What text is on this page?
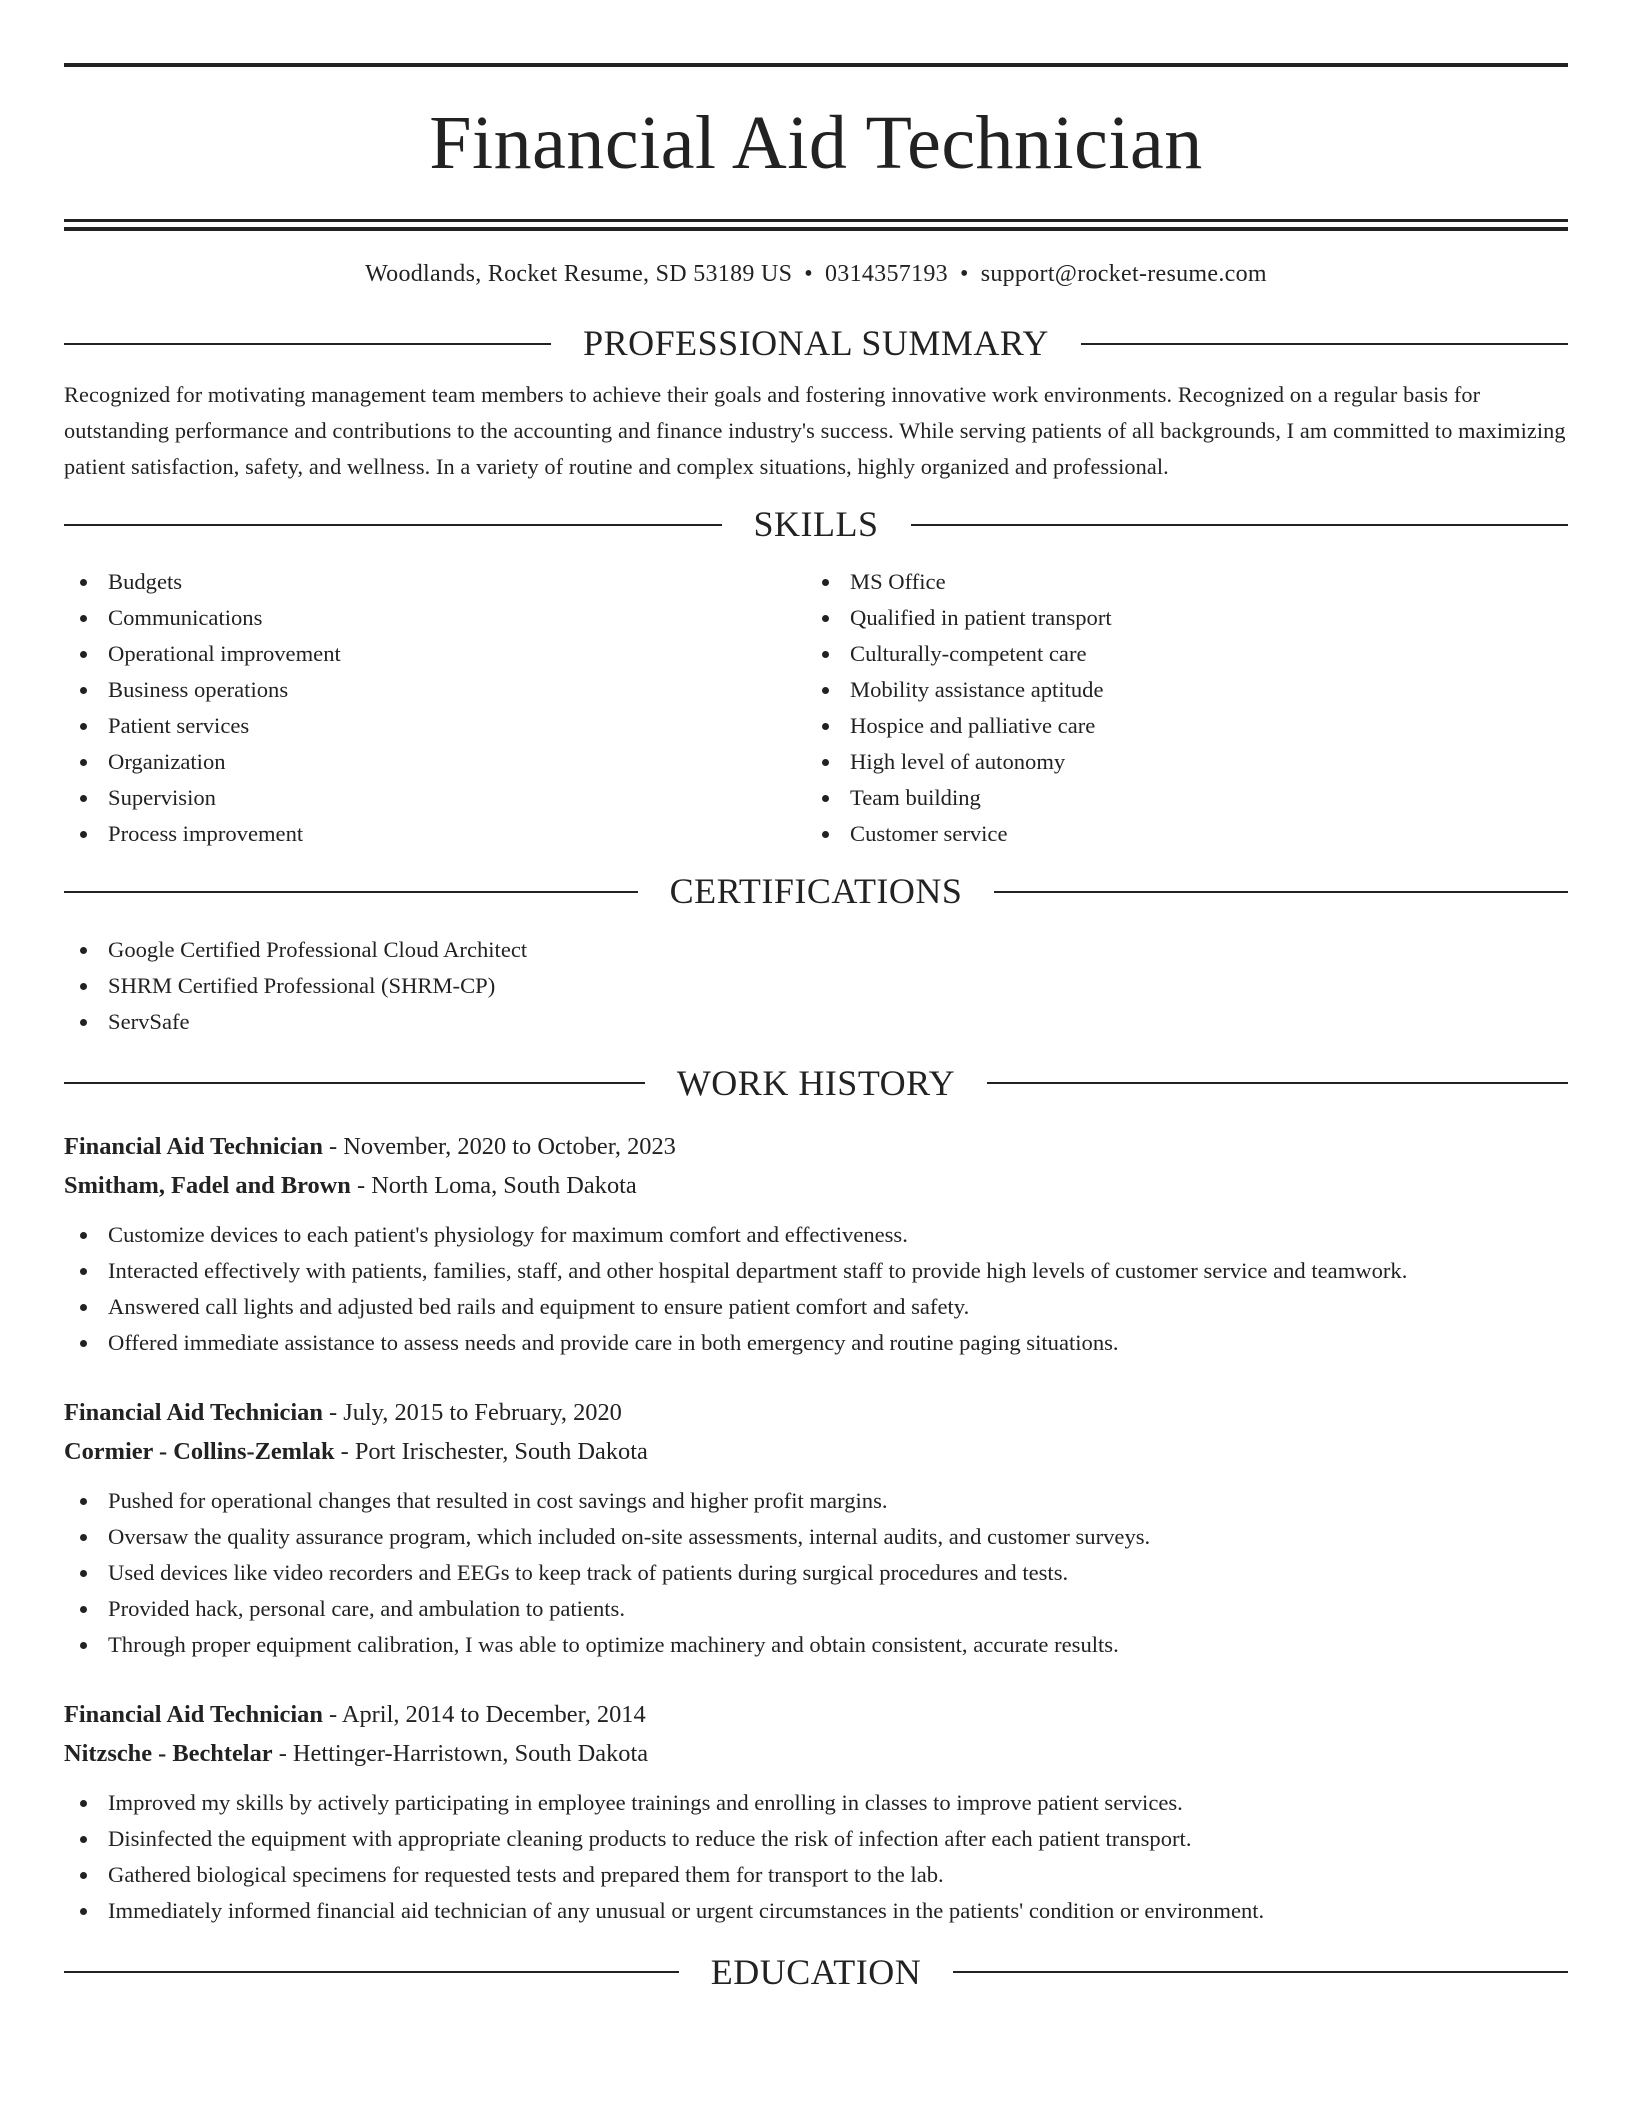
Financial Aid Technician
Woodlands, Rocket Resume, SD 53189 US • 0314357193 • support@rocket-resume.com
PROFESSIONAL SUMMARY

Recognized for motivating management team members to achieve their goals and fostering innovative work environments. Recognized on a regular basis for outstanding performance and contributions to the accounting and finance industry's success. While serving patients of all backgrounds, I am committed to maximizing patient satisfaction, safety, and wellness. In a variety of routine and complex situations, highly organized and professional.

SKILLS
Budgets
Communications
Operational improvement
Business operations
Patient services
Organization
Supervision
Process improvement
MS Office
Qualified in patient transport
Culturally-competent care
Mobility assistance aptitude
Hospice and palliative care
High level of autonomy
Team building
Customer service
CERTIFICATIONS
Google Certified Professional Cloud Architect
SHRM Certified Professional (SHRM-CP)
ServSafe
WORK HISTORY
Financial Aid Technician - November, 2020 to October, 2023
Smitham, Fadel and Brown - North Loma, South Dakota
Customize devices to each patient's physiology for maximum comfort and effectiveness.
Interacted effectively with patients, families, staff, and other hospital department staff to provide high levels of customer service and teamwork.
Answered call lights and adjusted bed rails and equipment to ensure patient comfort and safety.
Offered immediate assistance to assess needs and provide care in both emergency and routine paging situations.
Financial Aid Technician - July, 2015 to February, 2020
Cormier - Collins-Zemlak - Port Irischester, South Dakota
Pushed for operational changes that resulted in cost savings and higher profit margins.
Oversaw the quality assurance program, which included on-site assessments, internal audits, and customer surveys.
Used devices like video recorders and EEGs to keep track of patients during surgical procedures and tests.
Provided hack, personal care, and ambulation to patients.
Through proper equipment calibration, I was able to optimize machinery and obtain consistent, accurate results.
Financial Aid Technician - April, 2014 to December, 2014
Nitzsche - Bechtelar - Hettinger-Harristown, South Dakota
Improved my skills by actively participating in employee trainings and enrolling in classes to improve patient services.
Disinfected the equipment with appropriate cleaning products to reduce the risk of infection after each patient transport.
Gathered biological specimens for requested tests and prepared them for transport to the lab.
Immediately informed financial aid technician of any unusual or urgent circumstances in the patients' condition or environment.
EDUCATION
